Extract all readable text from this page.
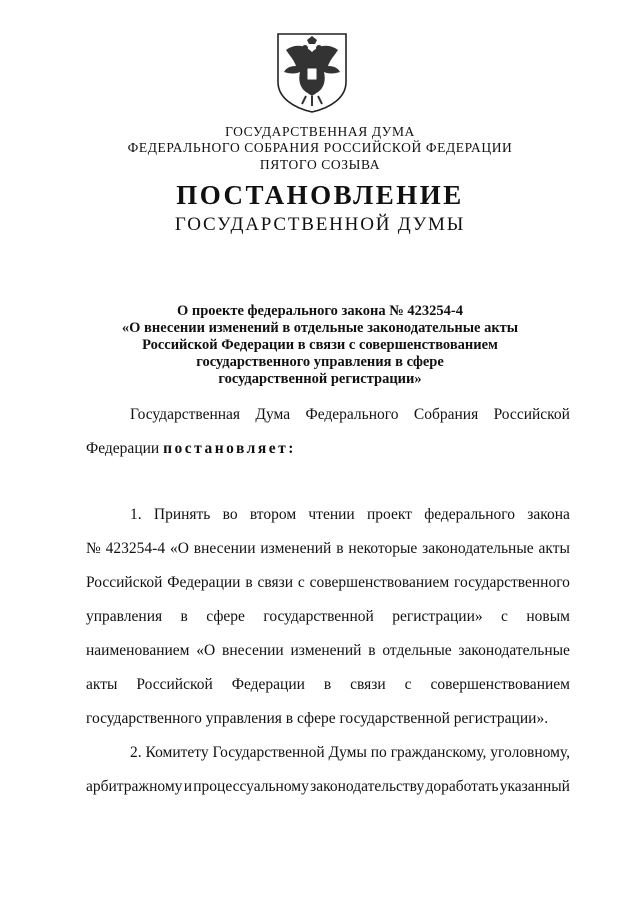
ГОСУДАРСТВЕННАЯ ДУМА
ФЕДЕРАЛЬНОГО СОБРАНИЯ РОССИЙСКОЙ ФЕДЕРАЦИИ
ПЯТОГО СОЗЫВА
ПОСТАНОВЛЕНИЕ
ГОСУДАРСТВЕННОЙ ДУМЫ
О проекте федерального закона № 423254-4
«О внесении изменений в отдельные законодательные акты
Российской Федерации в связи с совершенствованием
государственного управления в сфере
государственной регистрации»
Государственная Дума Федерального Собрания Российской
Федерации постановляет:
1. Принять во втором чтении проект федерального закона
№ 423254-4 «О внесении изменений в некоторые законодательные акты
Российской Федерации в связи с совершенствованием государственного
управления в сфере государственной регистрации» с новым
наименованием «О внесении изменений в отдельные законодательные
акты Российской Федерации в связи с совершенствованием
государственного управления в сфере государственной регистрации».
2. Комитету Государственной Думы по гражданскому, уголовному,
арбитражному и процессуальному законодательству доработать указанный
